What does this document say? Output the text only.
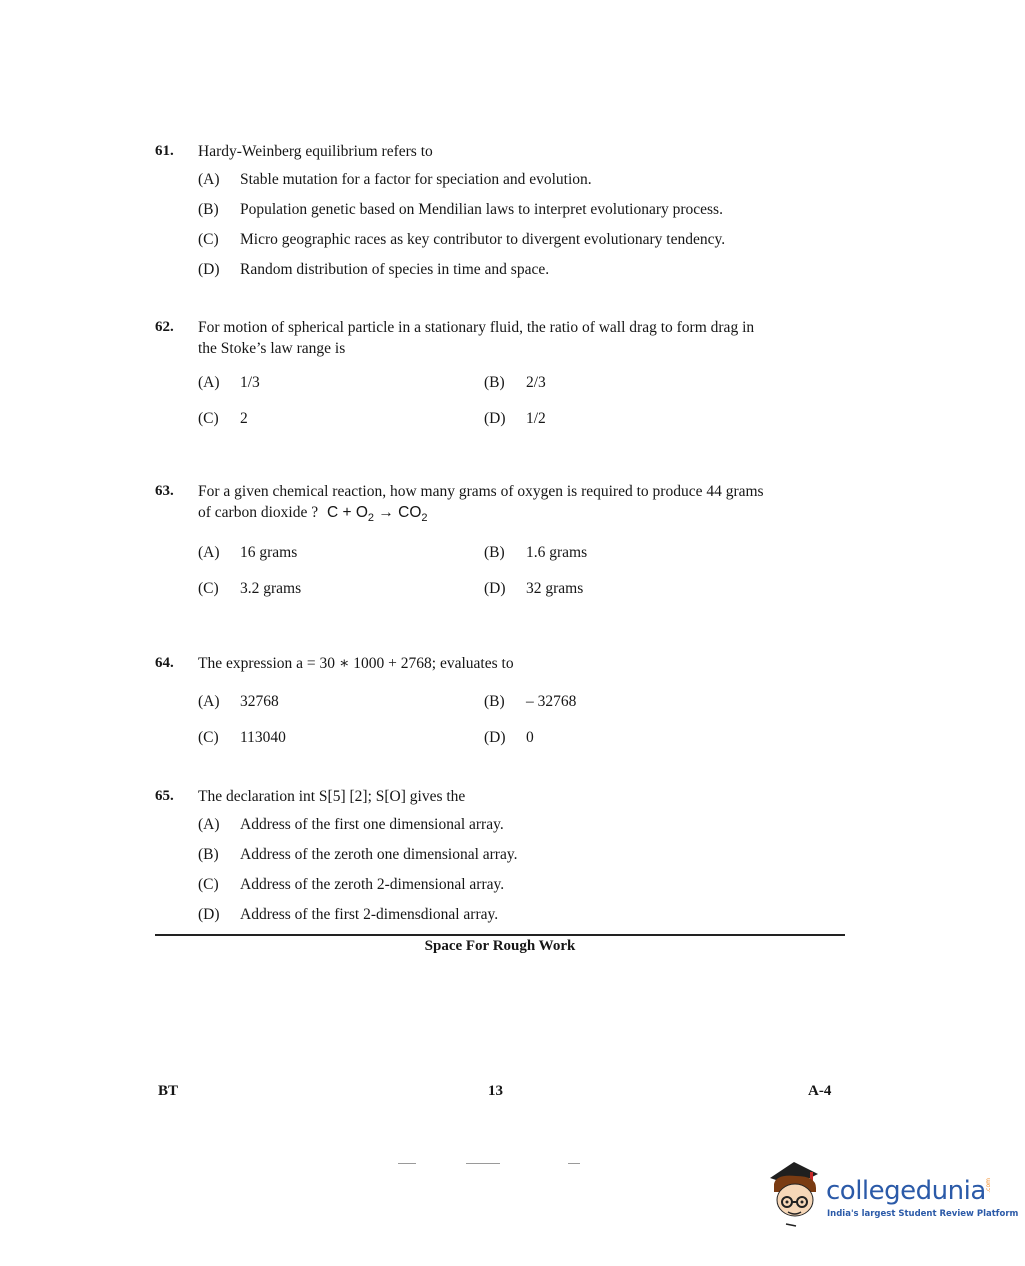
61. Hardy-Weinberg equilibrium refers to
(A) Stable mutation for a factor for speciation and evolution.
(B) Population genetic based on Mendilian laws to interpret evolutionary process.
(C) Micro geographic races as key contributor to divergent evolutionary tendency.
(D) Random distribution of species in time and space.
62. For motion of spherical particle in a stationary fluid, the ratio of wall drag to form drag in
the Stoke’s law range is
(A) 1/3	(B) 2/3
(C) 2	(D) 1/2
63. For a given chemical reaction, how many grams of oxygen is required to produce 44 grams
of carbon dioxide ? $C + O_2 \to CO_2$
(A) 16 grams	(B) 1.6 grams
(C) 3.2 grams	(D) 32 grams
64. The expression a = 30 ∗ 1000 + 2768; evaluates to
(A) 32768	(B) – 32768
(C) 113040	(D) 0
65. The declaration int S[5] [2]; S[O] gives the
(A) Address of the first one dimensional array.
(B) Address of the zeroth one dimensional array.
(C) Address of the zeroth 2-dimensional array.
(D) Address of the first 2-dimensdional array.
Space For Rough Work
BT	13	A-4
collegedunia .com
India's largest Student Review Platform
